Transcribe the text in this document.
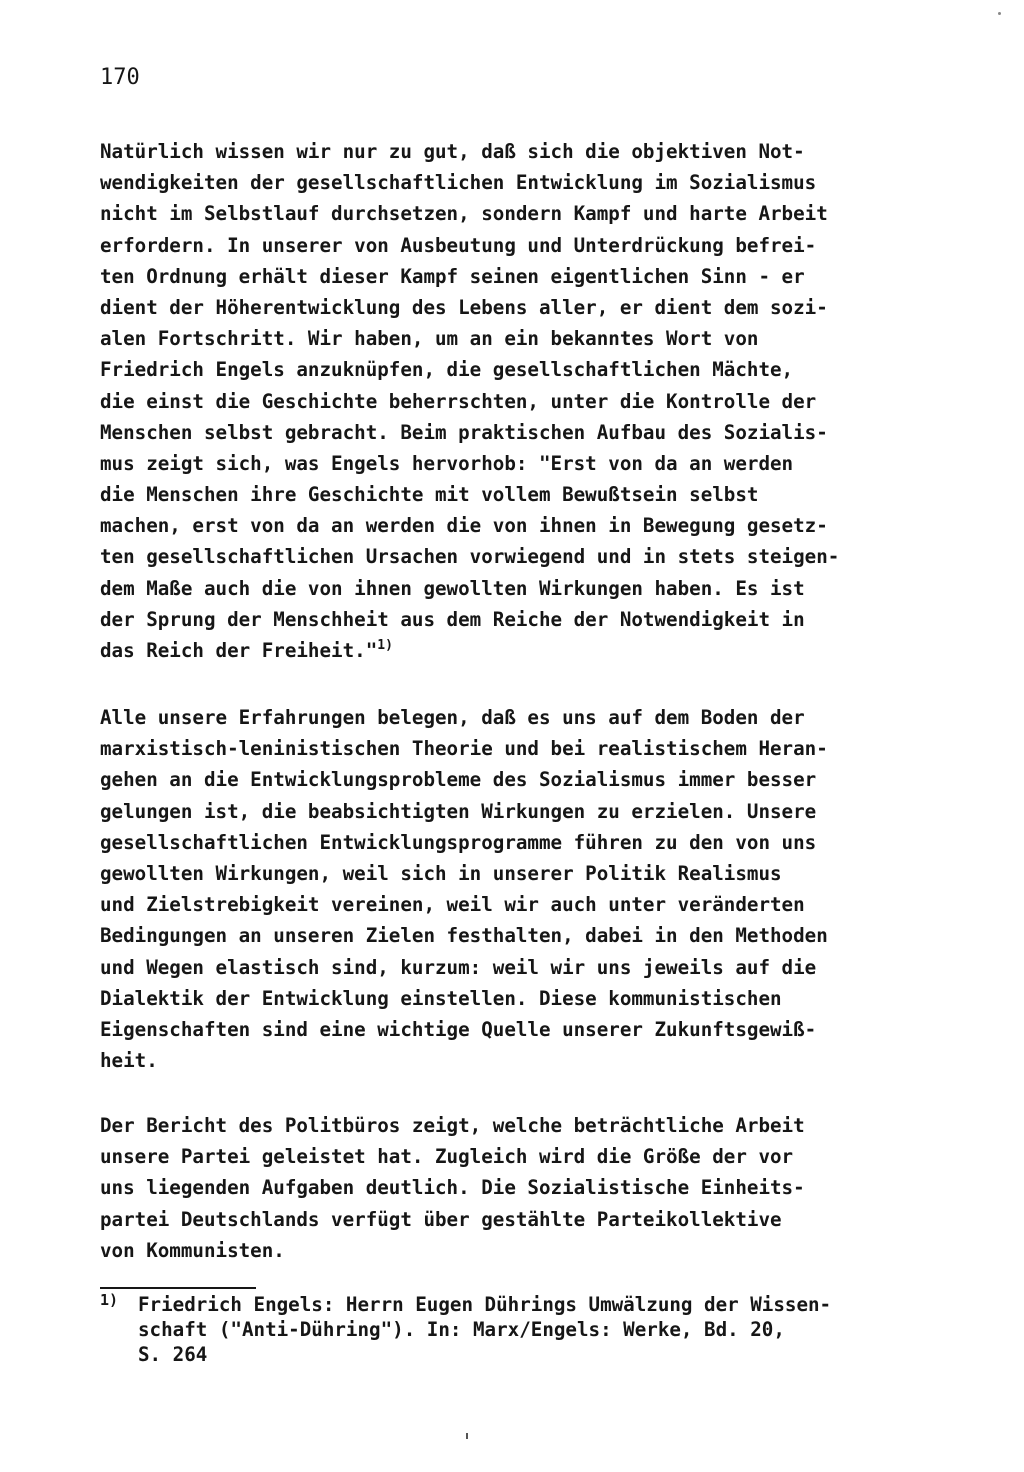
170

Natürlich wissen wir nur zu gut, daß sich die objektiven Not-
wendigkeiten der gesellschaftlichen Entwicklung im Sozialismus
nicht im Selbstlauf durchsetzen, sondern Kampf und harte Arbeit
erfordern. In unserer von Ausbeutung und Unterdrückung befrei-
ten Ordnung erhält dieser Kampf seinen eigentlichen Sinn - er
dient der Höherentwicklung des Lebens aller, er dient dem sozi-
alen Fortschritt. Wir haben, um an ein bekanntes Wort von
Friedrich Engels anzuknüpfen, die gesellschaftlichen Mächte,
die einst die Geschichte beherrschten, unter die Kontrolle der
Menschen selbst gebracht. Beim praktischen Aufbau des Sozialis-
mus zeigt sich, was Engels hervorhob: "Erst von da an werden
die Menschen ihre Geschichte mit vollem Bewußtsein selbst
machen, erst von da an werden die von ihnen in Bewegung gesetz-
ten gesellschaftlichen Ursachen vorwiegend und in stets steigen-
dem Maße auch die von ihnen gewollten Wirkungen haben. Es ist
der Sprung der Menschheit aus dem Reiche der Notwendigkeit in
das Reich der Freiheit."$^{1)}$
Alle unsere Erfahrungen belegen, daß es uns auf dem Boden der
marxistisch-leninistischen Theorie und bei realistischem Heran-
gehen an die Entwicklungsprobleme des Sozialismus immer besser
gelungen ist, die beabsichtigten Wirkungen zu erzielen. Unsere
gesellschaftlichen Entwicklungsprogramme führen zu den von uns
gewollten Wirkungen, weil sich in unserer Politik Realismus
und Zielstrebigkeit vereinen, weil wir auch unter veränderten
Bedingungen an unseren Zielen festhalten, dabei in den Methoden
und Wegen elastisch sind, kurzum: weil wir uns jeweils auf die
Dialektik der Entwicklung einstellen. Diese kommunistischen
Eigenschaften sind eine wichtige Quelle unserer Zukunftsgewiß-
heit.
Der Bericht des Politbüros zeigt, welche beträchtliche Arbeit
unsere Partei geleistet hat. Zugleich wird die Größe der vor
uns liegenden Aufgaben deutlich. Die Sozialistische Einheits-
partei Deutschlands verfügt über gestählte Parteikollektive
von Kommunisten.
1) Friedrich Engels: Herrn Eugen Dührings Umwälzung der Wissen-
schaft ("Anti-Dühring"). In: Marx/Engels: Werke, Bd. 20,
S. 264
